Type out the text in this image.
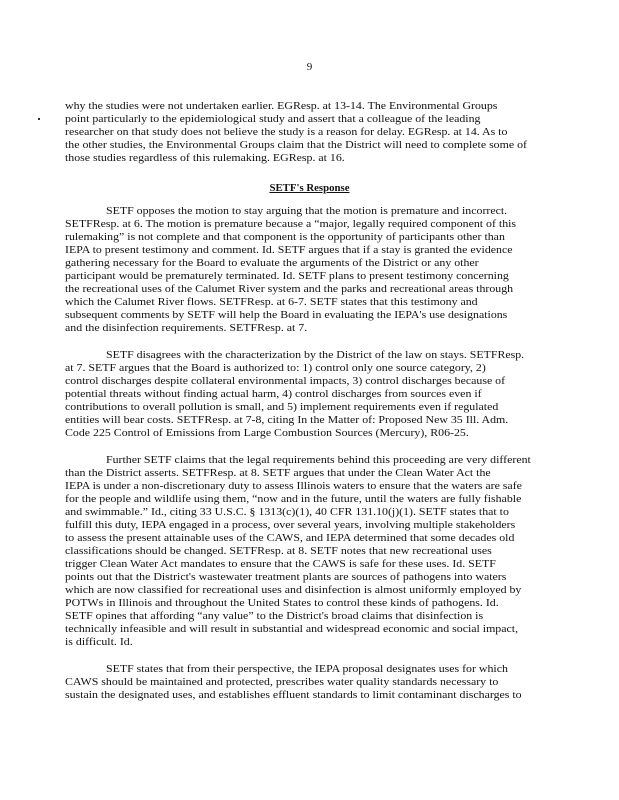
9
why the studies were not undertaken earlier. EGResp. at 13-14. The Environmental Groups
point particularly to the epidemiological study and assert that a colleague of the leading
researcher on that study does not believe the study is a reason for delay. EGResp. at 14. As to
the other studies, the Environmental Groups claim that the District will need to complete some of
those studies regardless of this rulemaking. EGResp. at 16.
SETF's Response
SETF opposes the motion to stay arguing that the motion is premature and incorrect.
SETFResp. at 6. The motion is premature because a “major, legally required component of this
rulemaking” is not complete and that component is the opportunity of participants other than
IEPA to present testimony and comment. Id. SETF argues that if a stay is granted the evidence
gathering necessary for the Board to evaluate the arguments of the District or any other
participant would be prematurely terminated. Id. SETF plans to present testimony concerning
the recreational uses of the Calumet River system and the parks and recreational areas through
which the Calumet River flows. SETFResp. at 6-7. SETF states that this testimony and
subsequent comments by SETF will help the Board in evaluating the IEPA's use designations
and the disinfection requirements. SETFResp. at 7.
SETF disagrees with the characterization by the District of the law on stays. SETFResp.
at 7. SETF argues that the Board is authorized to: 1) control only one source category, 2)
control discharges despite collateral environmental impacts, 3) control discharges because of
potential threats without finding actual harm, 4) control discharges from sources even if
contributions to overall pollution is small, and 5) implement requirements even if regulated
entities will bear costs. SETFResp. at 7-8, citing In the Matter of: Proposed New 35 Ill. Adm.
Code 225 Control of Emissions from Large Combustion Sources (Mercury), R06-25.
Further SETF claims that the legal requirements behind this proceeding are very different
than the District asserts. SETFResp. at 8. SETF argues that under the Clean Water Act the
IEPA is under a non-discretionary duty to assess Illinois waters to ensure that the waters are safe
for the people and wildlife using them, “now and in the future, until the waters are fully fishable
and swimmable.” Id., citing 33 U.S.C. § 1313(c)(1), 40 CFR 131.10(j)(1). SETF states that to
fulfill this duty, IEPA engaged in a process, over several years, involving multiple stakeholders
to assess the present attainable uses of the CAWS, and IEPA determined that some decades old
classifications should be changed. SETFResp. at 8. SETF notes that new recreational uses
trigger Clean Water Act mandates to ensure that the CAWS is safe for these uses. Id. SETF
points out that the District's wastewater treatment plants are sources of pathogens into waters
which are now classified for recreational uses and disinfection is almost uniformly employed by
POTWs in Illinois and throughout the United States to control these kinds of pathogens. Id.
SETF opines that affording “any value” to the District's broad claims that disinfection is
technically infeasible and will result in substantial and widespread economic and social impact,
is difficult. Id.
SETF states that from their perspective, the IEPA proposal designates uses for which
CAWS should be maintained and protected, prescribes water quality standards necessary to
sustain the designated uses, and establishes effluent standards to limit contaminant discharges to
